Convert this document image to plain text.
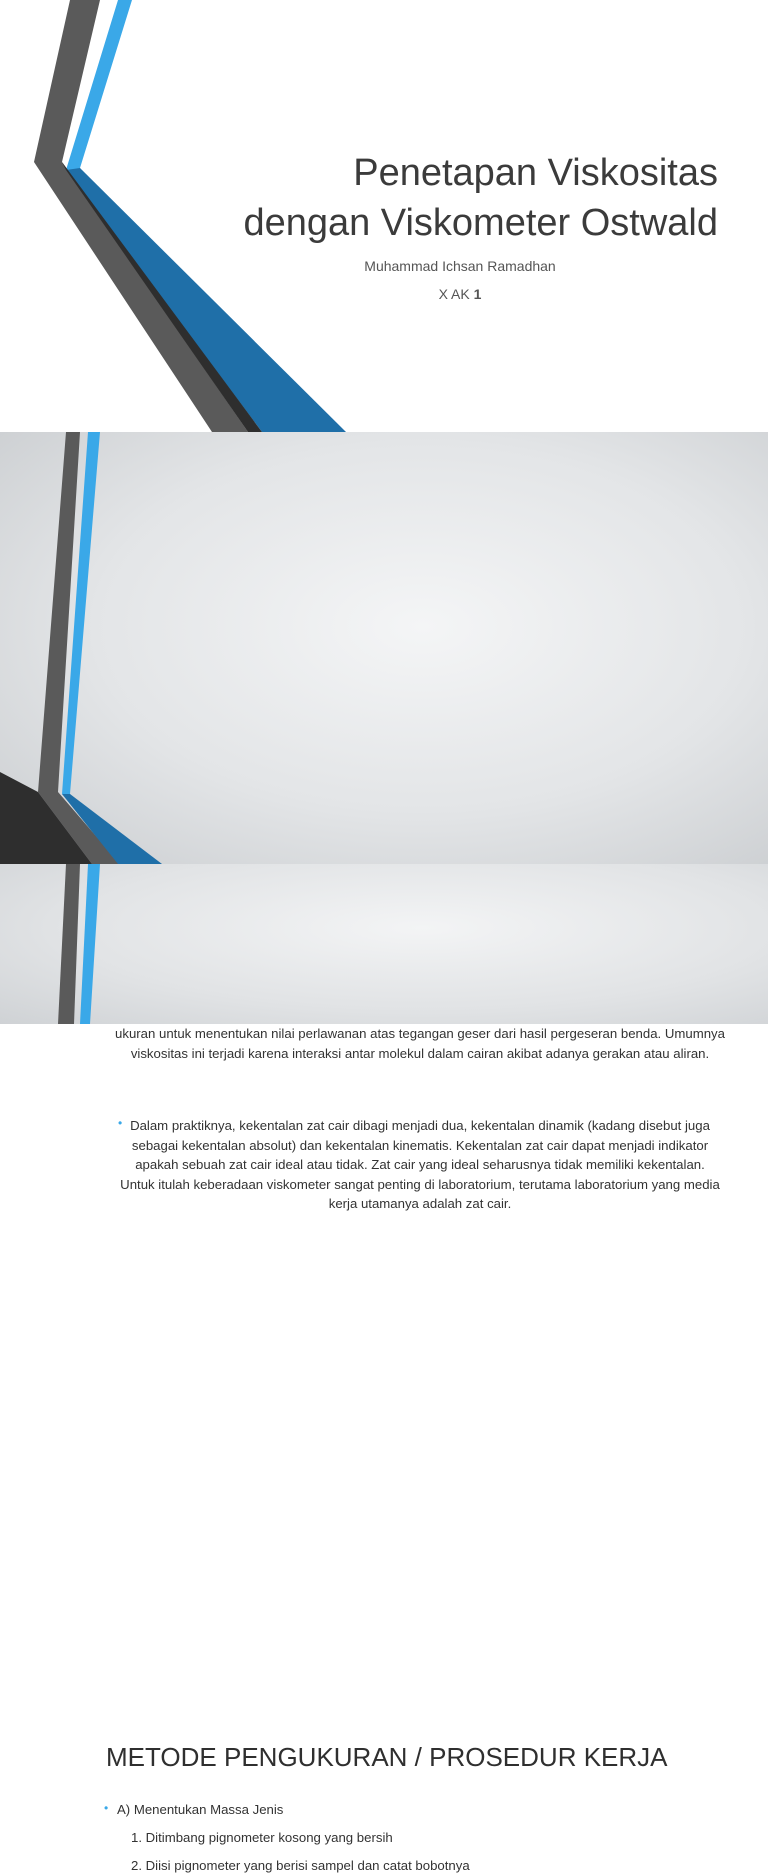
Penetapan Viskositas
dengan Viskometer Ostwald
Muhammad Ichsan Ramadhan
X AK 1
ukuran untuk menentukan nilai perlawanan atas tegangan geser dari hasil pergeseran benda. Umumnya viskositas ini terjadi karena interaksi antar molekul dalam cairan akibat adanya gerakan atau aliran.
• Dalam praktiknya, kekentalan zat cair dibagi menjadi dua, kekentalan dinamik (kadang disebut juga sebagai kekentalan absolut) dan kekentalan kinematis. Kekentalan zat cair dapat menjadi indikator apakah sebuah zat cair ideal atau tidak. Zat cair yang ideal seharusnya tidak memiliki kekentalan. Untuk itulah keberadaan viskometer sangat penting di laboratorium, terutama laboratorium yang media kerja utamanya adalah zat cair.
METODE PENGUKURAN / PROSEDUR KERJA
• A) Menentukan Massa Jenis
1. Ditimbang pignometer kosong yang bersih
2. Diisi pignometer yang berisi sampel dan catat bobotnya
